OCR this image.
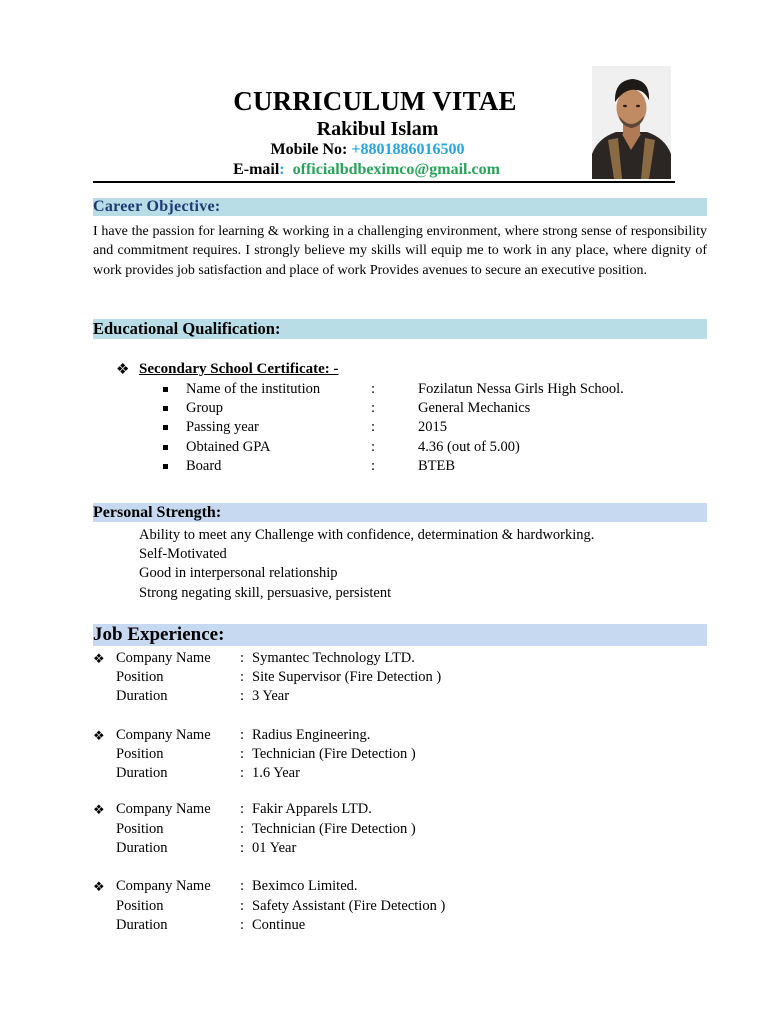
CURRICULUM VITAE
Rakibul Islam
Mobile No: +8801886016500
E-mail: officialbdbeximco@gmail.com
Career Objective:
I have the passion for learning & working in a challenging environment, where strong sense of responsibility and commitment requires. I strongly believe my skills will equip me to work in any place, where dignity of work provides job satisfaction and place of work Provides avenues to secure an executive position.
Educational Qualification:
❖ Secondary School Certificate: -
Name of the institution	:	Fozilatun Nessa Girls High School.
Group	:	General Mechanics
Passing year	:	2015
Obtained GPA	:	4.36 (out of 5.00)
Board	:	BTEB
Personal Strength:
Ability to meet any Challenge with confidence, determination & hardworking.
Self-Motivated
Good in interpersonal relationship
Strong negating skill, persuasive, persistent
Job Experience:
❖ Company Name : Symantec Technology LTD.
Position	: Site Supervisor (Fire Detection )
Duration	: 3 Year
❖ Company Name : Radius Engineering.
Position	: Technician (Fire Detection )
Duration	: 1.6 Year
❖ Company Name : Fakir Apparels LTD.
Position	: Technician (Fire Detection )
Duration	: 01 Year
❖ Company Name : Beximco Limited.
Position	: Safety Assistant (Fire Detection )
Duration	: Continue
